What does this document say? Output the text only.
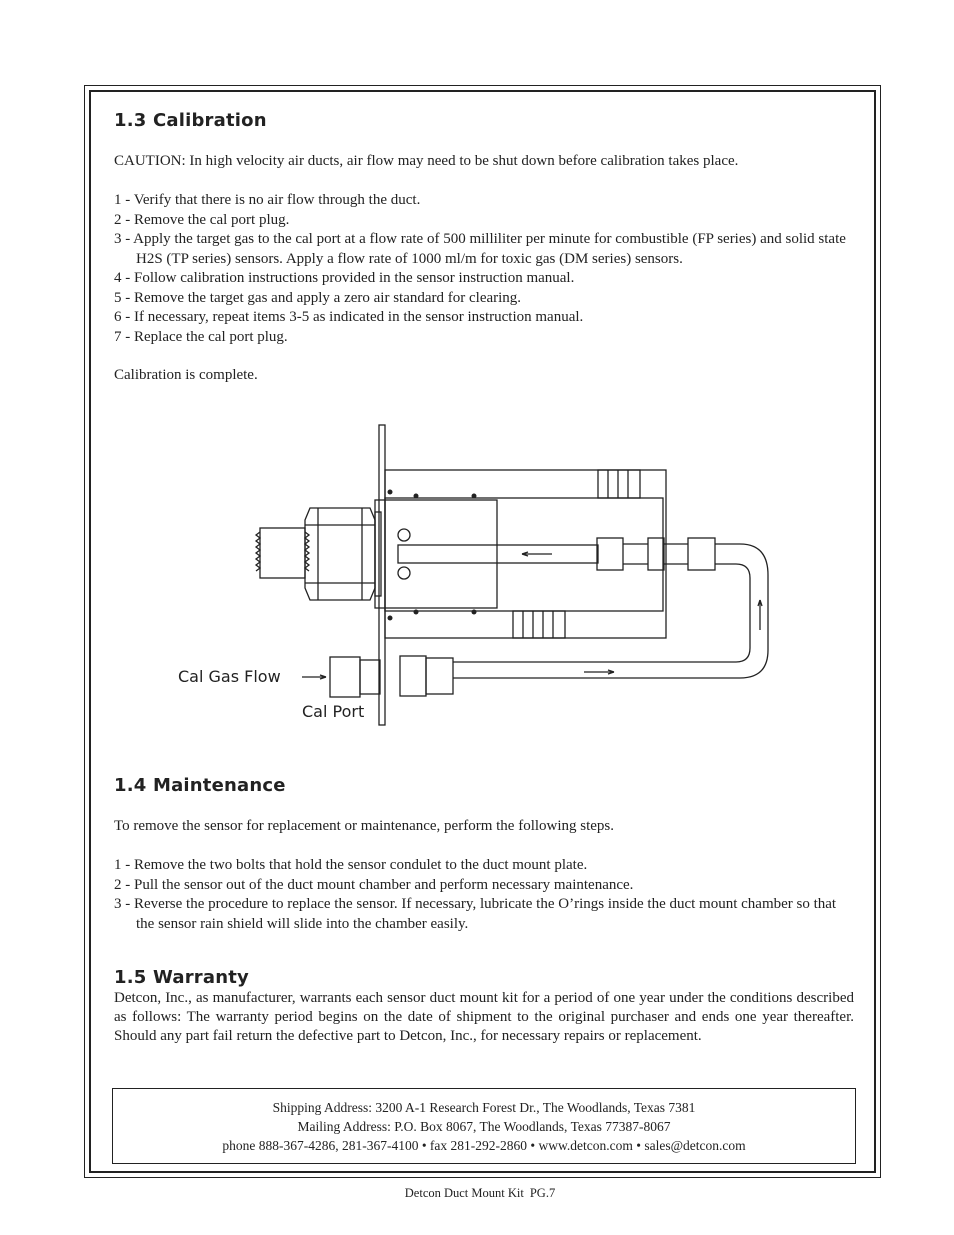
1.3 Calibration

CAUTION: In high velocity air ducts, air flow may need to be shut down before calibration takes place.

1 - Verify that there is no air flow through the duct.
2 - Remove the cal port plug.
3 - Apply the target gas to the cal port at a flow rate of 500 milliliter per minute for combustible (FP series) and solid state H2S (TP series) sensors. Apply a flow rate of 1000 ml/m for toxic gas (DM series) sensors.
4 - Follow calibration instructions provided in the sensor instruction manual.
5 - Remove the target gas and apply a zero air standard for clearing.
6 - If necessary, repeat items 3-5 as indicated in the sensor instruction manual.
7 - Replace the cal port plug.

Calibration is complete.

Cal Gas Flow
Cal Port
1.4 Maintenance

To remove the sensor for replacement or maintenance, perform the following steps.

1 - Remove the two bolts that hold the sensor condulet to the duct mount plate.
2 - Pull the sensor out of the duct mount chamber and perform necessary maintenance.
3 - Reverse the procedure to replace the sensor. If necessary, lubricate the O’rings inside the duct mount chamber so that the sensor rain shield will slide into the chamber easily.
1.5 Warranty

Detcon, Inc., as manufacturer, warrants each sensor duct mount kit for a period of one year under the conditions described as follows: The warranty period begins on the date of shipment to the original purchaser and ends one year thereafter. Should any part fail return the defective part to Detcon, Inc., for necessary repairs or replacement.

Shipping Address: 3200 A-1 Research Forest Dr., The Woodlands, Texas 7381
Mailing Address: P.O. Box 8067, The Woodlands, Texas 77387-8067
phone 888-367-4286, 281-367-4100 • fax 281-292-2860 • www.detcon.com • sales@detcon.com
Detcon Duct Mount Kit PG.7
